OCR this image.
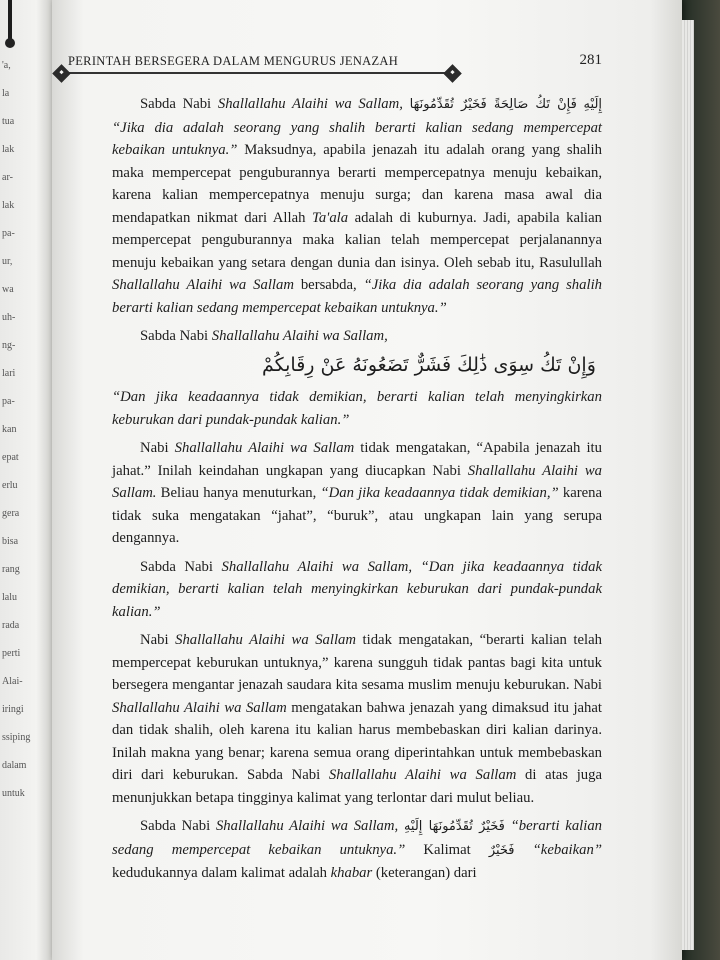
'a,
la
tua
lak
ar-
lak
pa-
ur,
wa
uh-
ng-
lari
pa-
kan
epat
erlu
gera
bisa
rang
lalu
rada
perti
Alai-
iringi
ssiping
dalam
untuk
PERINTAH BERSEGERA DALAM MENGURUS JENAZAH	281

Sabda Nabi Shallallahu Alaihi wa Sallam, فَإِنْ تَكُ صَالِحَةً فَخَيْرٌ تُقَدِّمُونَهَا إِلَيْهِ “Jika dia adalah seorang yang shalih berarti kalian sedang mempercepat kebaikan untuknya.” Maksudnya, apabila jenazah itu adalah orang yang shalih maka mempercepat penguburannya berarti mempercepatnya menuju kebaikan, karena kalian mempercepatnya menuju surga; dan karena masa awal dia mendapatkan nikmat dari Allah Ta'ala adalah di kuburnya. Jadi, apabila kalian mempercepat penguburannya maka kalian telah mempercepat perjalanannya menuju kebaikan yang setara dengan dunia dan isinya. Oleh sebab itu, Rasulullah Shallallahu Alaihi wa Sallam bersabda, “Jika dia adalah seorang yang shalih berarti kalian sedang mempercepat kebaikan untuknya.”

Sabda Nabi Shallallahu Alaihi wa Sallam,

وَإِنْ تَكُ سِوَى ذَٰلِكَ فَشَرٌّ تَضَعُونَهُ عَنْ رِقَابِكُمْ

“Dan jika keadaannya tidak demikian, berarti kalian telah menyingkirkan keburukan dari pundak-pundak kalian.”

Nabi Shallallahu Alaihi wa Sallam tidak mengatakan, “Apabila jenazah itu jahat.” Inilah keindahan ungkapan yang diucapkan Nabi Shallallahu Alaihi wa Sallam. Beliau hanya menuturkan, “Dan jika keadaannya tidak demikian,” karena tidak suka mengatakan “jahat”, “buruk”, atau ungkapan lain yang serupa dengannya.

Sabda Nabi Shallallahu Alaihi wa Sallam, “Dan jika keadaannya tidak demikian, berarti kalian telah menyingkirkan keburukan dari pundak-pundak kalian.”

Nabi Shallallahu Alaihi wa Sallam tidak mengatakan, “berarti kalian telah mempercepat keburukan untuknya,” karena sungguh tidak pantas bagi kita untuk bersegera mengantar jenazah saudara kita sesama muslim menuju keburukan. Nabi Shallallahu Alaihi wa Sallam mengatakan bahwa jenazah yang dimaksud itu jahat dan tidak shalih, oleh karena itu kalian harus membebaskan diri kalian darinya. Inilah makna yang benar; karena semua orang diperintahkan untuk membebaskan diri dari keburukan. Sabda Nabi Shallallahu Alaihi wa Sallam di atas juga menunjukkan betapa tingginya kalimat yang terlontar dari mulut beliau.

Sabda Nabi Shallallahu Alaihi wa Sallam, فَخَيْرٌ تُقَدِّمُونَهَا إِلَيْهِ “berarti kalian sedang mempercepat kebaikan untuknya.” Kalimat فَخَيْرٌ “kebaikan” kedudukannya dalam kalimat adalah khabar (keterangan) dari
